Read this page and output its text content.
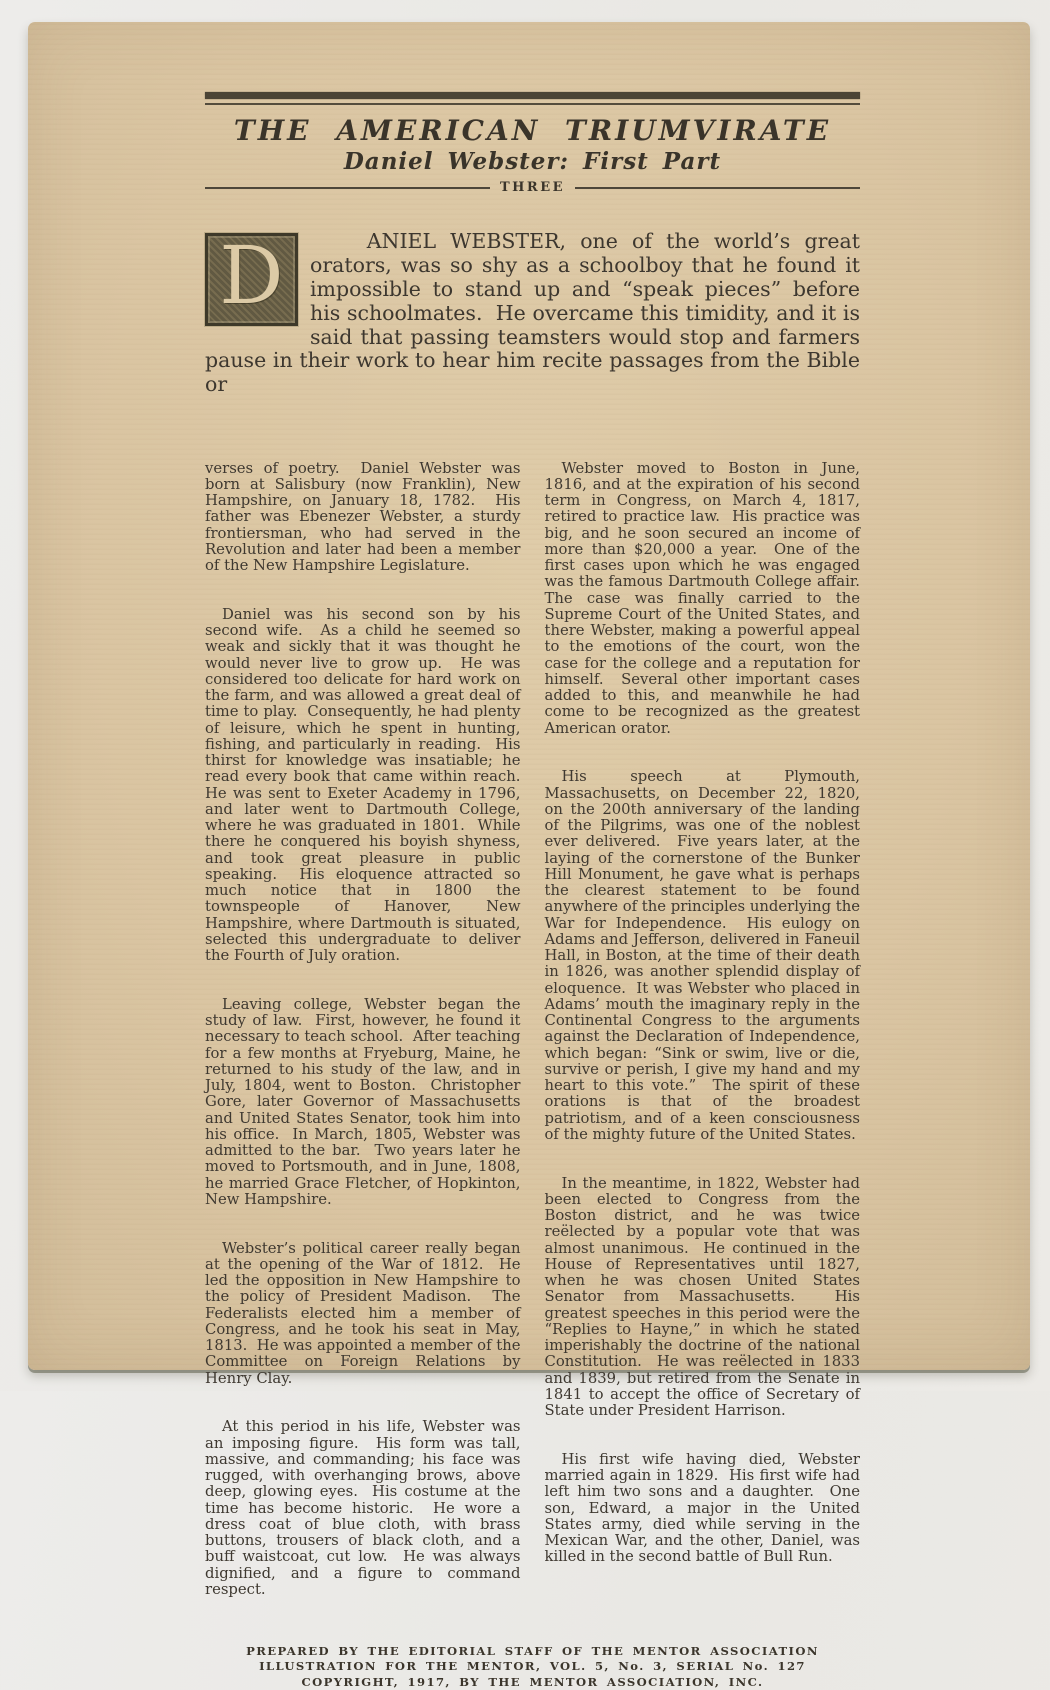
THE AMERICAN TRIUMVIRATE
Daniel Webster: First Part
THREE

D	ANIEL WEBSTER, one of the world’s great orators, was so shy as a schoolboy that he found it impossible to stand up and “speak pieces” before his schoolmates.  He overcame this timidity, and it is said that passing teamsters would stop and farmers pause in their work to hear him recite passages from the Bible or

verses of poetry.  Daniel Webster was born at Salisbury (now Franklin), New Hampshire, on January 18, 1782.  His father was Ebenezer Webster, a sturdy frontiersman, who had served in the Revolution and later had been a member of the New Hampshire Legislature.

Daniel was his second son by his second wife.  As a child he seemed so weak and sickly that it was thought he would never live to grow up.  He was considered too delicate for hard work on the farm, and was allowed a great deal of time to play.  Consequently, he had plenty of leisure, which he spent in hunting, fishing, and particularly in reading.  His thirst for knowledge was insatiable; he read every book that came within reach.  He was sent to Exeter Academy in 1796, and later went to Dartmouth College, where he was graduated in 1801.  While there he conquered his boyish shyness, and took great pleasure in public speaking.  His eloquence attracted so much notice that in 1800 the townspeople of Hanover, New Hampshire, where Dartmouth is situated, selected this undergraduate to deliver the Fourth of July oration.

Leaving college, Webster began the study of law.  First, however, he found it necessary to teach school.  After teaching for a few months at Fryeburg, Maine, he returned to his study of the law, and in July, 1804, went to Boston.  Christopher Gore, later Governor of Massachusetts and United States Senator, took him into his office.  In March, 1805, Webster was admitted to the bar.  Two years later he moved to Portsmouth, and in June, 1808, he married Grace Fletcher, of Hopkinton, New Hampshire.

Webster’s political career really began at the opening of the War of 1812.  He led the opposition in New Hampshire to the policy of President Madison.  The Federalists elected him a member of Congress, and he took his seat in May, 1813.  He was appointed a member of the Committee on Foreign Relations by Henry Clay.

At this period in his life, Webster was an imposing figure.  His form was tall, massive, and commanding; his face was rugged, with overhanging brows, above deep, glowing eyes.  His costume at the time has become historic.  He wore a dress coat of blue cloth, with brass buttons, trousers of black cloth, and a buff waistcoat, cut low.  He was always dignified, and a figure to command respect.

Webster moved to Boston in June, 1816, and at the expiration of his second term in Congress, on March 4, 1817, retired to practice law.  His practice was big, and he soon secured an income of more than $20,000 a year.  One of the first cases upon which he was engaged was the famous Dartmouth College affair.  The case was finally carried to the Supreme Court of the United States, and there Webster, making a powerful appeal to the emotions of the court, won the case for the college and a reputation for himself.  Several other important cases added to this, and meanwhile he had come to be recognized as the greatest American orator.

His speech at Plymouth, Massachusetts, on December 22, 1820, on the 200th anniversary of the landing of the Pilgrims, was one of the noblest ever delivered.  Five years later, at the laying of the cornerstone of the Bunker Hill Monument, he gave what is perhaps the clearest statement to be found anywhere of the principles underlying the War for Independence.  His eulogy on Adams and Jefferson, delivered in Faneuil Hall, in Boston, at the time of their death in 1826, was another splendid display of eloquence.  It was Webster who placed in Adams’ mouth the imaginary reply in the Continental Congress to the arguments against the Declaration of Independence, which began: “Sink or swim, live or die, survive or perish, I give my hand and my heart to this vote.”  The spirit of these orations is that of the broadest patriotism, and of a keen consciousness of the mighty future of the United States.

In the meantime, in 1822, Webster had been elected to Congress from the Boston district, and he was twice reëlected by a popular vote that was almost unanimous.  He continued in the House of Representatives until 1827, when he was chosen United States Senator from Massachusetts.  His greatest speeches in this period were the “Replies to Hayne,” in which he stated imperishably the doctrine of the national Constitution.  He was reëlected in 1833 and 1839, but retired from the Senate in 1841 to accept the office of Secretary of State under President Harrison.

His first wife having died, Webster married again in 1829.  His first wife had left him two sons and a daughter.  One son, Edward, a major in the United States army, died while serving in the Mexican War, and the other, Daniel, was killed in the second battle of Bull Run.

PREPARED BY THE EDITORIAL STAFF OF THE MENTOR ASSOCIATION
ILLUSTRATION FOR THE MENTOR, VOL. 5, No. 3, SERIAL No. 127
COPYRIGHT, 1917, BY THE MENTOR ASSOCIATION, INC.
